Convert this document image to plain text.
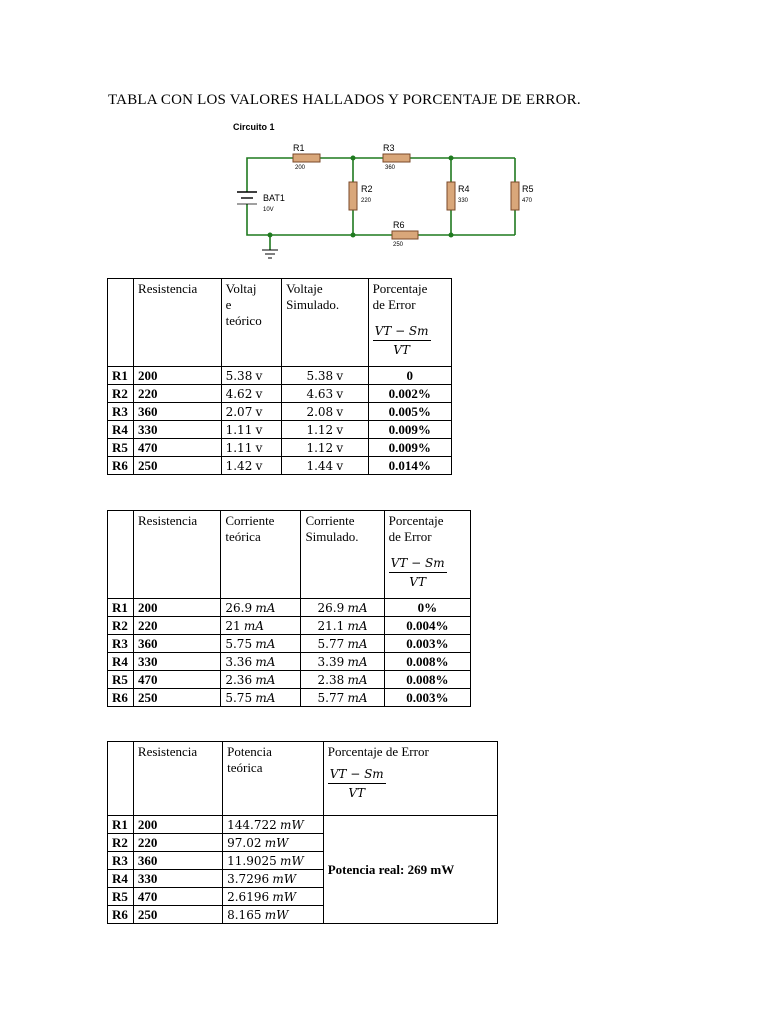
TABLA CON LOS VALORES HALLADOS Y PORCENTAJE DE ERROR.
Circuito 1
R1
200
R3
360
R2
220
R4
330
R5
470
R6
250
BAT1
10V
	Resistencia	Voltaj
e
teórico	Voltaje
Simulado.	Porcentaje
de Error

$\frac{VT - Sm}{VT}$

R1	200	5.38 v	5.38 v	0
R2	220	4.62 v	4.63 v	0.002%
R3	360	2.07 v	2.08 v	0.005%
R4	330	1.11 v	1.12 v	0.009%
R5	470	1.11 v	1.12 v	0.009%
R6	250	1.42 v	1.44 v	0.014%
	Resistencia	Corriente
teórica	Corriente
Simulado.	Porcentaje
de Error

$\frac{VT - Sm}{VT}$

R1	200	26.9 mA	26.9 mA	0%
R2	220	21 mA	21.1 mA	0.004%
R3	360	5.75 mA	5.77 mA	0.003%
R4	330	3.36 mA	3.39 mA	0.008%
R5	470	2.36 mA	2.38 mA	0.008%
R6	250	5.75 mA	5.77 mA	0.003%
	Resistencia	Potencia
teórica	Porcentaje de Error

$\frac{VT - Sm}{VT}$

R1	200	144.722 mW	Potencia real: 269 mW
R2	220	97.02 mW	
R3	360	11.9025 mW	
R4	330	3.7296 mW	
R5	470	2.6196 mW	
R6	250	8.165 mW	
